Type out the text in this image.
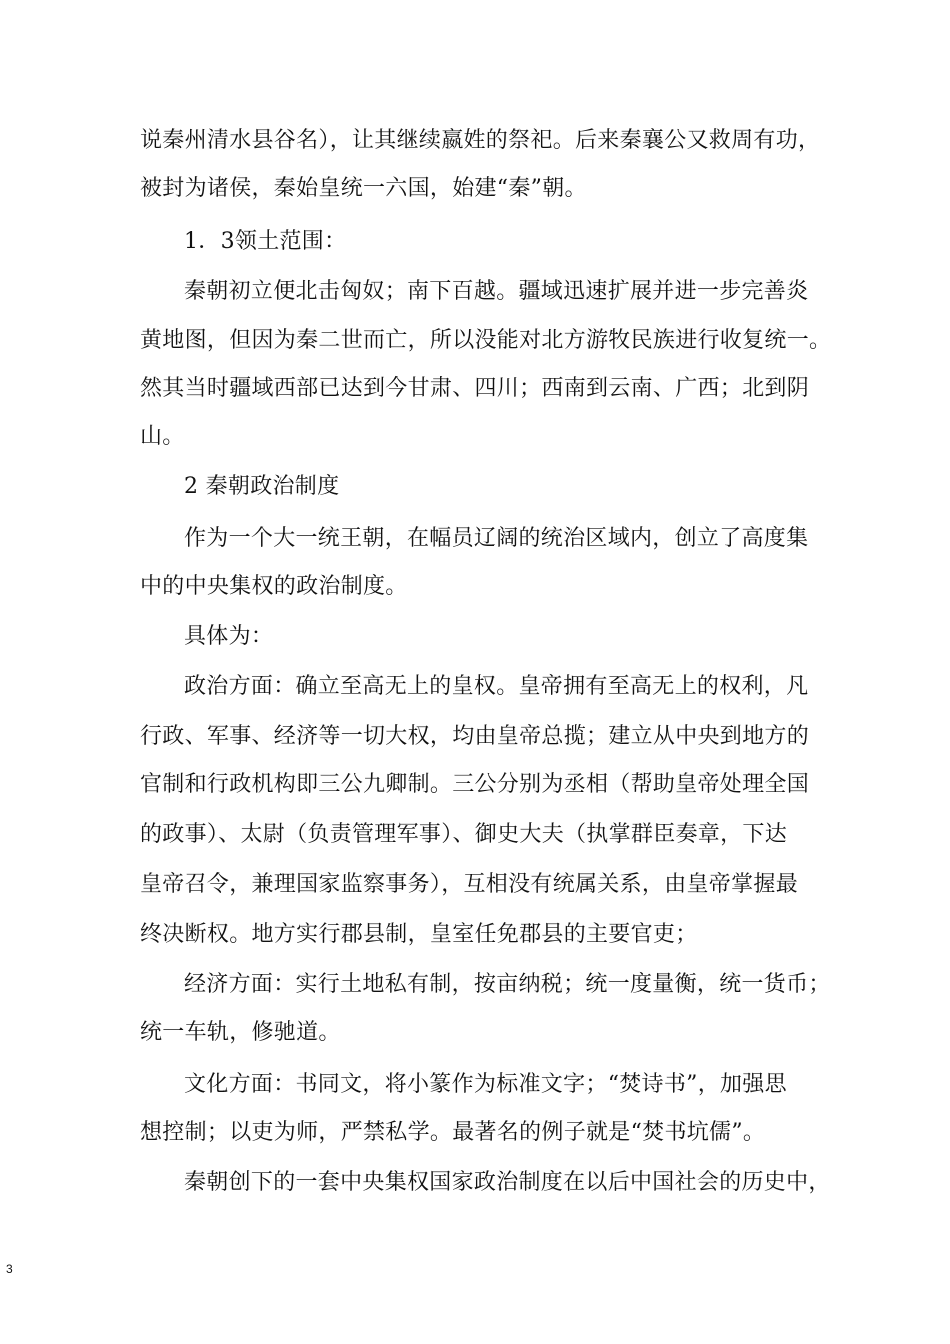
说秦州清水县谷名），让其继续嬴姓的祭祀。后来秦襄公又救周有功，
被封为诸侯，秦始皇统一六国，始建“秦”朝。
1．3领土范围：
秦朝初立便北击匈奴；南下百越。疆域迅速扩展并进一步完善炎
黄地图，但因为秦二世而亡，所以没能对北方游牧民族进行收复统一。
然其当时疆域西部已达到今甘肃、四川；西南到云南、广西；北到阴
山。
2 秦朝政治制度
作为一个大一统王朝，在幅员辽阔的统治区域内，创立了高度集
中的中央集权的政治制度。
具体为：
政治方面：确立至高无上的皇权。皇帝拥有至高无上的权利，凡
行政、军事、经济等一切大权，均由皇帝总揽；建立从中央到地方的
官制和行政机构即三公九卿制。三公分别为丞相（帮助皇帝处理全国
的政事）、太尉（负责管理军事）、御史大夫（执掌群臣奏章，下达
皇帝召令，兼理国家监察事务），互相没有统属关系，由皇帝掌握最
终决断权。地方实行郡县制，皇室任免郡县的主要官吏；
经济方面：实行土地私有制，按亩纳税；统一度量衡，统一货币；
统一车轨，修驰道。
文化方面：书同文，将小篆作为标准文字；“焚诗书”，加强思
想控制；以吏为师，严禁私学。最著名的例子就是“焚书坑儒”。
秦朝创下的一套中央集权国家政治制度在以后中国社会的历史中，
3
